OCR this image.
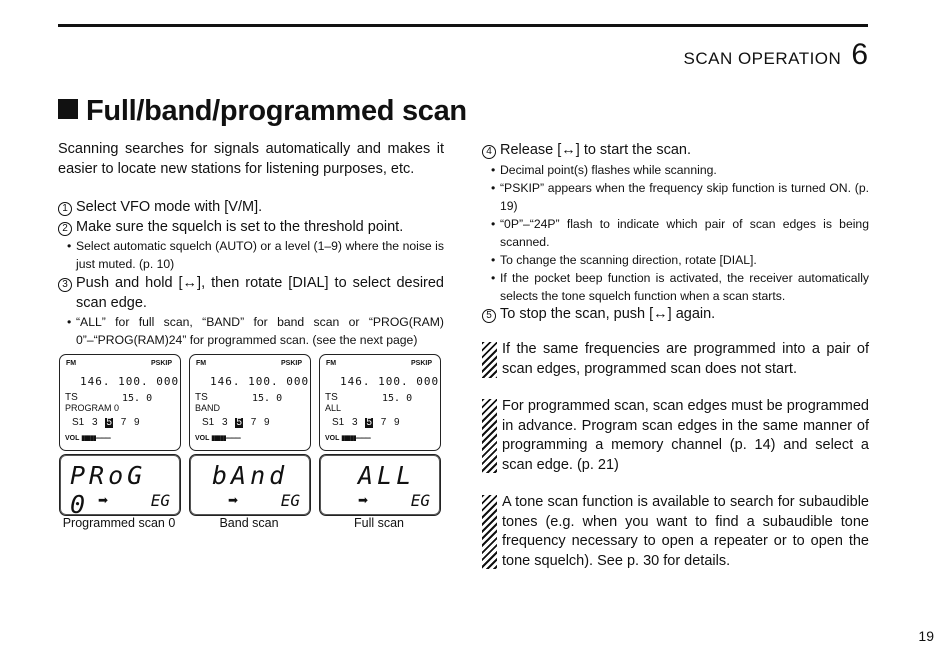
SCAN OPERATION 6
Full/band/programmed scan

Scanning searches for signals automatically and makes it easier to locate new stations for listening purposes, etc.

1 Select VFO mode with [V/M].
2 Make sure the squelch is set to the threshold point.
• Select automatic squelch (AUTO) or a level (1–9) where the noise is just muted. (p. 10)
3 Push and hold [↔], then rotate [DIAL] to select desired scan edge.
• “ALL” for full scan, “BAND” for band scan or “PROG(RAM) 0”–“PROG(RAM)24” for programmed scan. (see the next page)
FM	PSKIP
146. 100. 000
TS	15. 0
PROGRAM 0
S1 3 5 7 9
VOL ▮▮▮▮▮-----------
PRoG 0 ➡	EG
Programmed scan 0
FM	PSKIP
146. 100. 000
TS	15. 0
BAND
S1 3 5 7 9
VOL ▮▮▮▮▮-----------
bAnd
➡	EG
Band scan
FM	PSKIP
146. 100. 000
TS	15. 0
ALL
S1 3 5 7 9
VOL ▮▮▮▮▮-----------
ALL
➡	EG
Full scan
4 Release [↔] to start the scan.
• Decimal point(s) flashes while scanning.
• “PSKIP” appears when the frequency skip function is turned ON. (p. 19)
• “0P”–“24P” flash to indicate which pair of scan edges is being scanned.
• To change the scanning direction, rotate [DIAL].
• If the pocket beep function is activated, the receiver automatically selects the tone squelch function when a scan starts.
5 To stop the scan, push [↔] again.
If the same frequencies are programmed into a pair of scan edges, programmed scan does not start.
For programmed scan, scan edges must be programmed in advance. Program scan edges in the same manner of programming a memory channel (p. 14) and select a scan edge. (p. 21)
A tone scan function is available to search for subaudible tones (e.g. when you want to find a subaudible tone frequency necessary to open a repeater or to open the tone squelch). See p. 30 for details.
19
